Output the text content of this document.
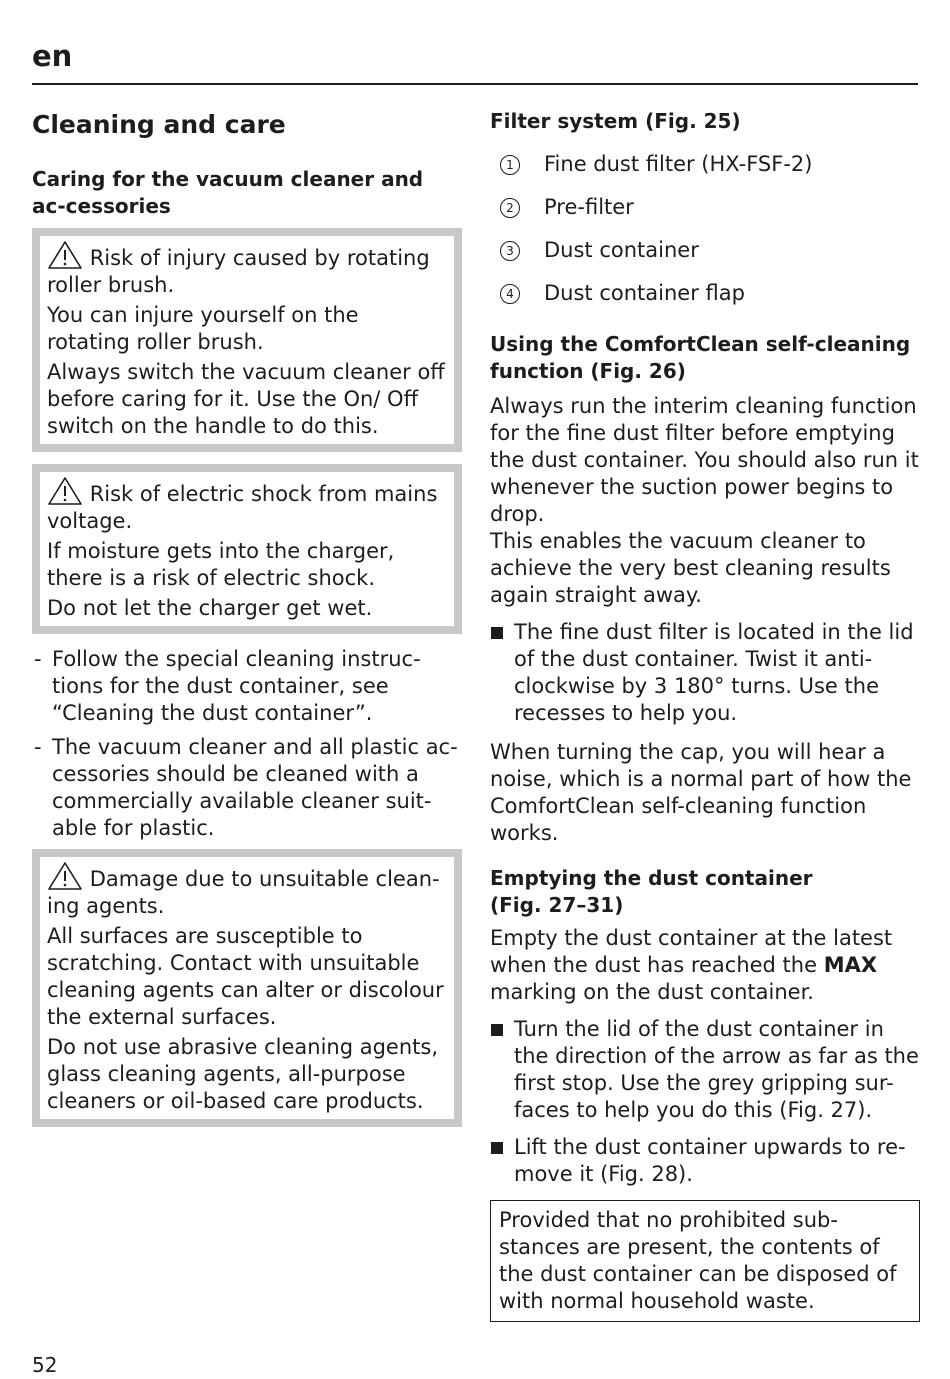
en
Cleaning and care
Caring for the vacuum cleaner and ac-cessories

Risk of injury caused by rotating roller brush.

You can injure yourself on the rotating roller brush.

Always switch the vacuum cleaner off before caring for it. Use the On/ Off switch on the handle to do this.

Risk of electric shock from mains voltage.

If moisture gets into the charger, there is a risk of electric shock.

Do not let the charger get wet.

- Follow the special cleaning instruc-tions for the dust container, see “Cleaning the dust container”.
- The vacuum cleaner and all plastic ac-cessories should be cleaned with a commercially available cleaner suit-able for plastic.

Damage due to unsuitable clean-ing agents.

All surfaces are susceptible to scratching. Contact with unsuitable cleaning agents can alter or discolour the external surfaces.

Do not use abrasive cleaning agents, glass cleaning agents, all-purpose cleaners or oil-based care products.

Filter system (Fig. 25)
1 Fine dust filter (HX-FSF-2)
2 Pre-filter
3 Dust container
4 Dust container flap
Using the ComfortClean self-cleaning function (Fig. 26)

Always run the interim cleaning function for the fine dust filter before emptying the dust container. You should also run it whenever the suction power begins to drop.

This enables the vacuum cleaner to achieve the very best cleaning results again straight away.

The fine dust filter is located in the lid of the dust container. Twist it anti-clockwise by 3 180° turns. Use the recesses to help you.

When turning the cap, you will hear a noise, which is a normal part of how the ComfortClean self-cleaning function works.

Emptying the dust container
(Fig. 27–31)

Empty the dust container at the latest when the dust has reached the MAX marking on the dust container.

Turn the lid of the dust container in the direction of the arrow as far as the first stop. Use the grey gripping sur-faces to help you do this (Fig. 27).
Lift the dust container upwards to re-move it (Fig. 28).

Provided that no prohibited sub-stances are present, the contents of the dust container can be disposed of with normal household waste.

52
